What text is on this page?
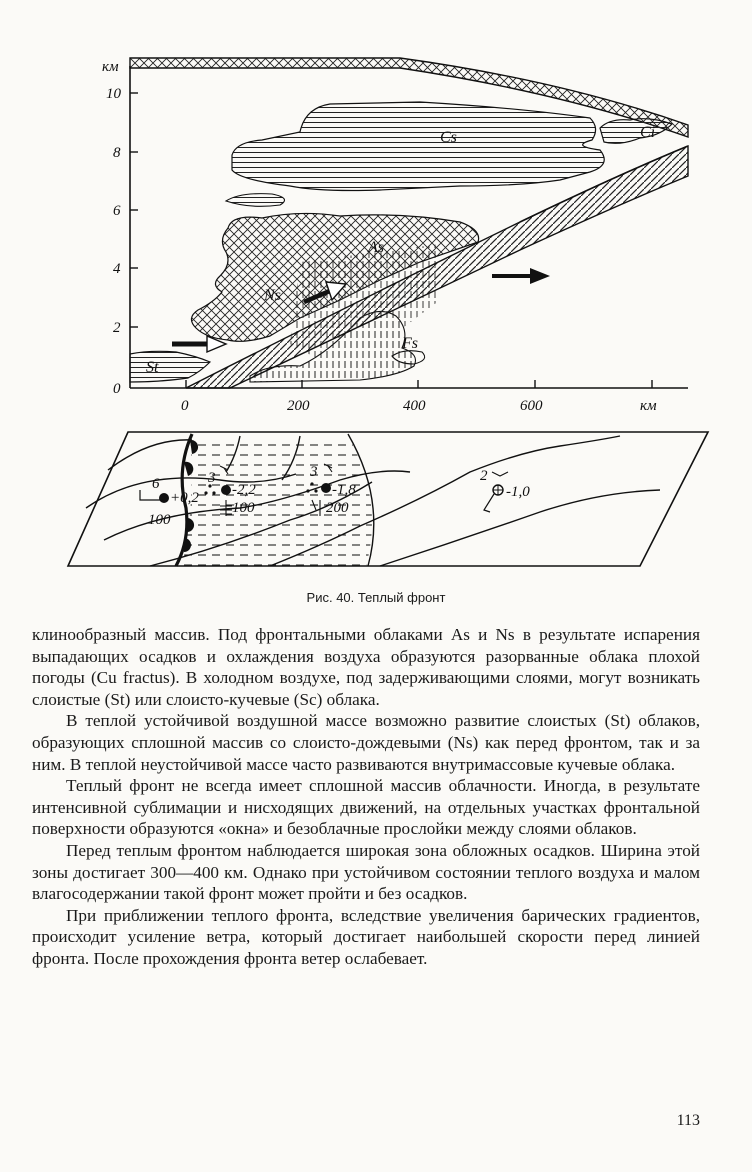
км
10
8
6
4
2
0
0	200	400	600	км
Cs	Ci
As
Ns
St
Fs
6
+0,2
100
3
-2,2
100
3
-1,8
200
2
-1,0
Рис. 40. Теплый фронт

клинообразный массив. Под фронтальными облаками As и Ns в результате испарения выпадающих осадков и охлаждения воздуха образуются разорванные облака плохой погоды (Cu fractus). В холодном воздухе, под задерживающими слоями, могут возникать слоистые (St) или слоисто-кучевые (Sc) облака.

В теплой устойчивой воздушной массе возможно развитие слоистых (St) облаков, образующих сплошной массив со слоисто-дождевыми (Ns) как перед фронтом, так и за ним. В теплой неустойчивой массе часто развиваются внутримассовые кучевые облака.

Теплый фронт не всегда имеет сплошной массив облачности. Иногда, в результате интенсивной сублимации и нисходящих движений, на отдельных участках фронтальной поверхности образуются «окна» и безоблачные прослойки между слоями облаков.

Перед теплым фронтом наблюдается широкая зона обложных осадков. Ширина этой зоны достигает 300—400 км. Однако при устойчивом состоянии теплого воздуха и малом влагосодержании такой фронт может пройти и без осадков.

При приближении теплого фронта, вследствие увеличения барических градиентов, происходит усиление ветра, который достигает наибольшей скорости перед линией фронта. После прохождения фронта ветер ослабевает.

113
